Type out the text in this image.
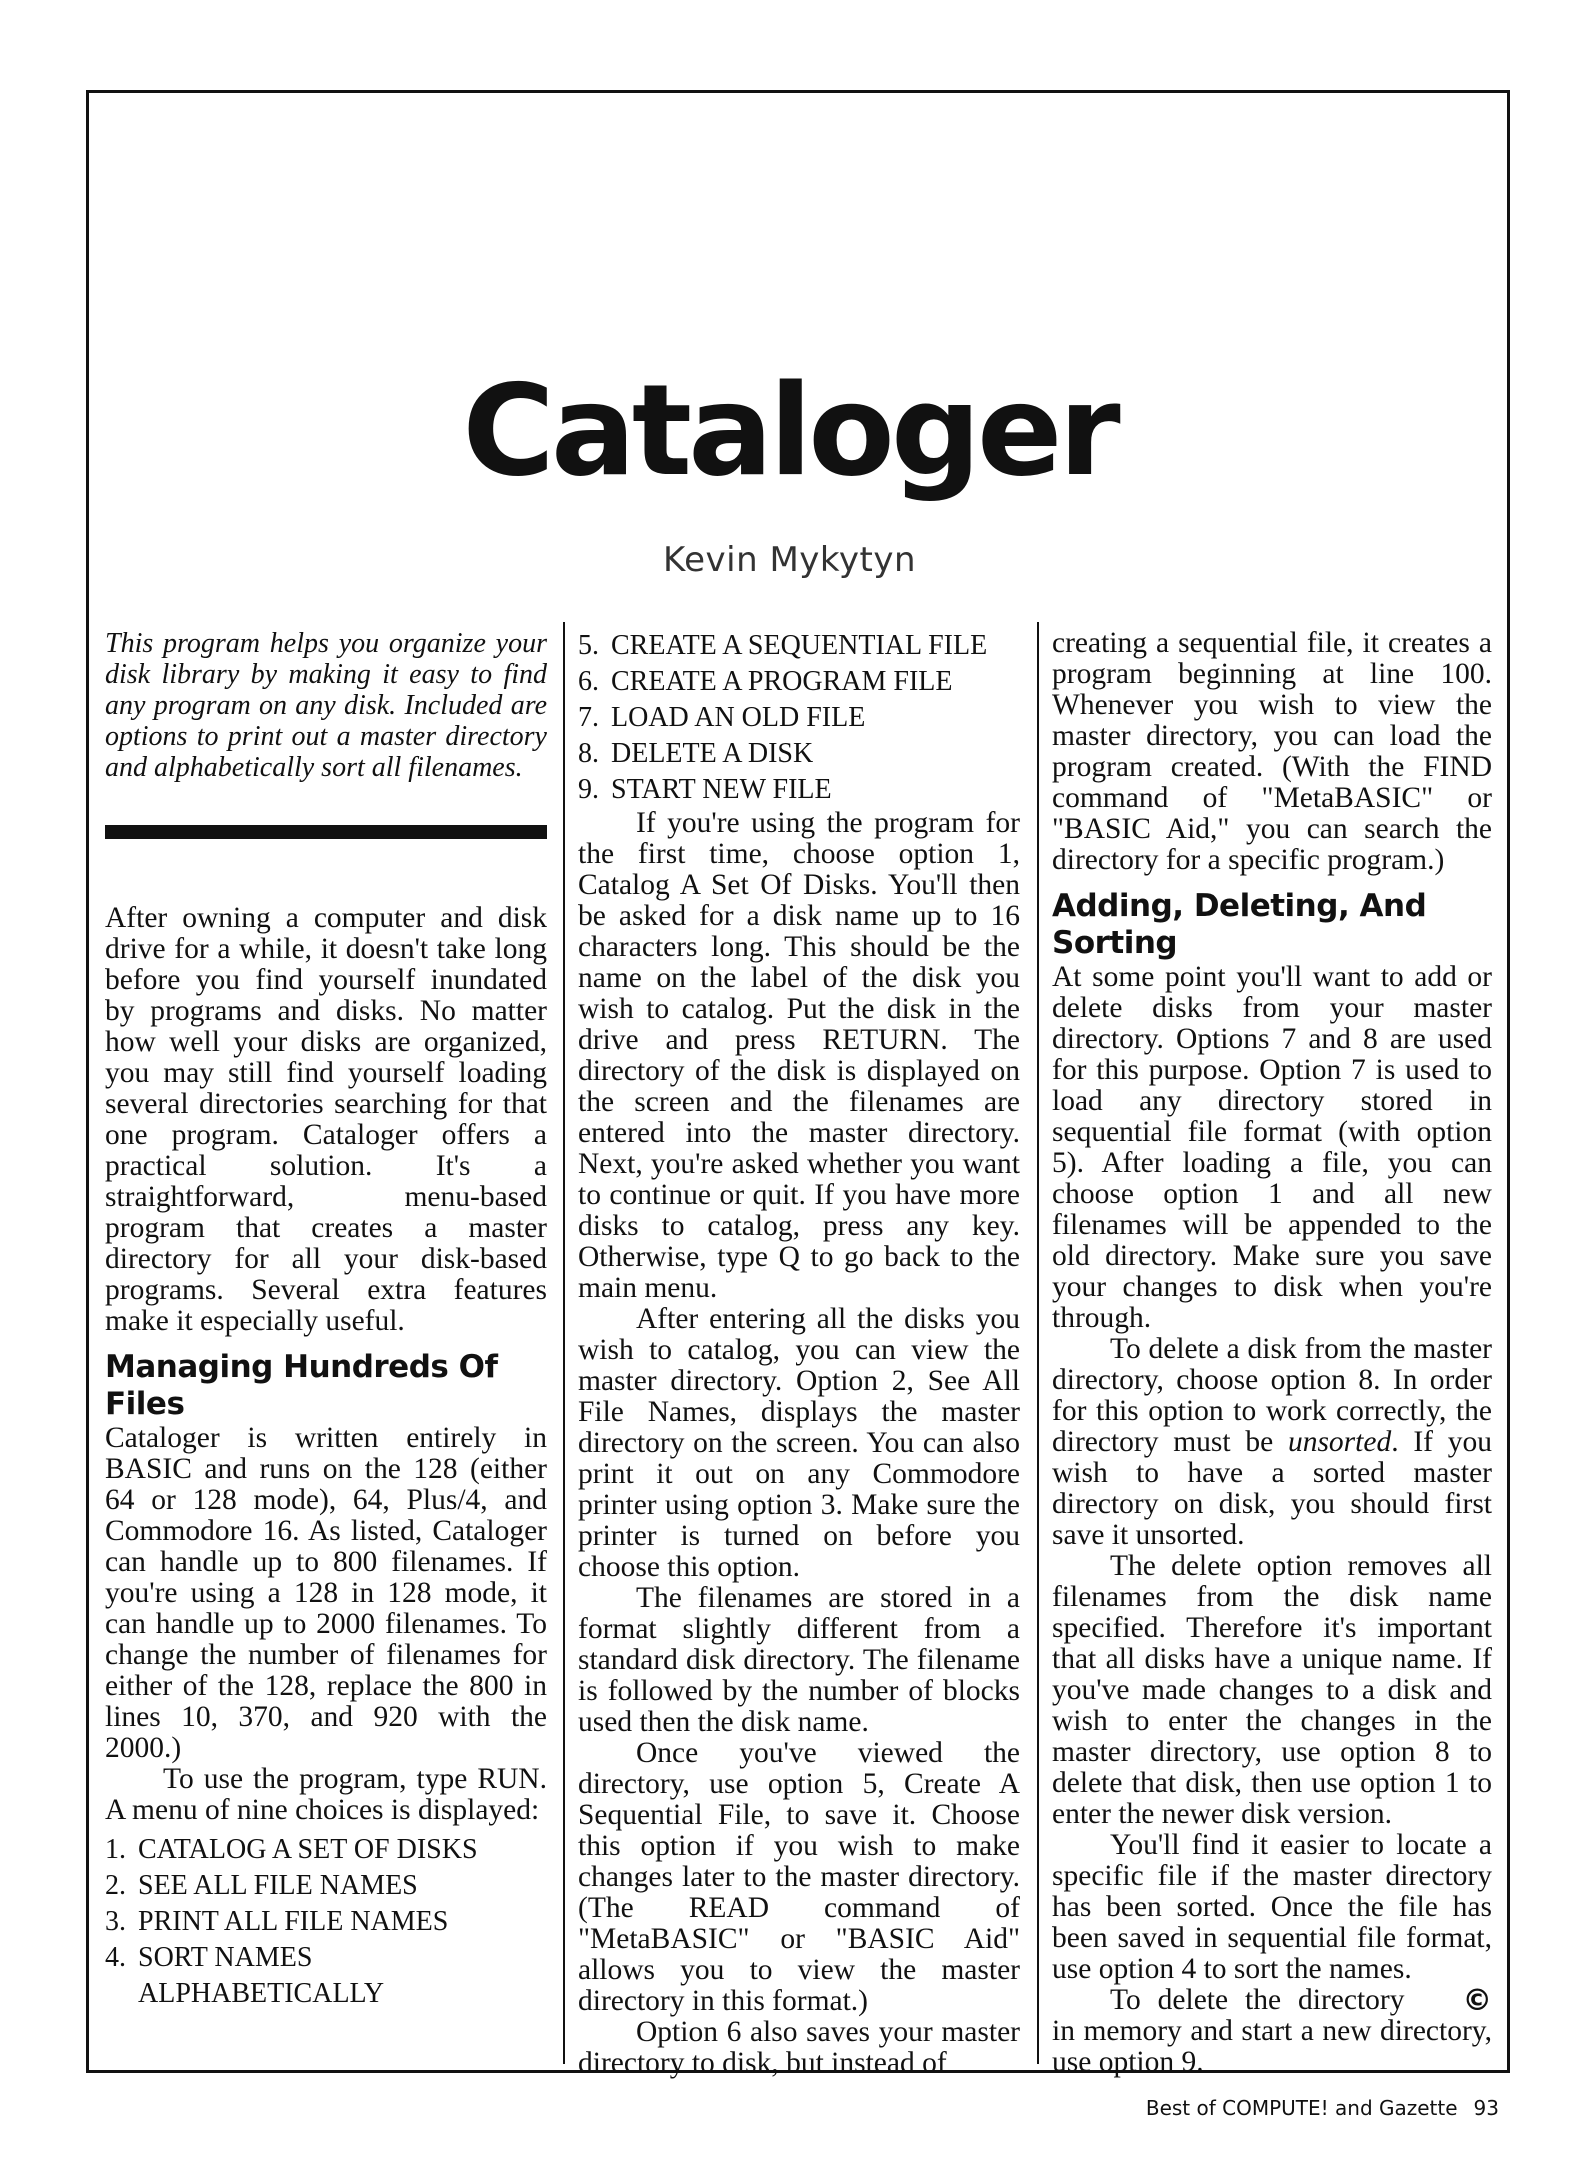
Cataloger
Kevin Mykytyn

This program helps you organize your disk library by making it easy to find any program on any disk. Included are options to print out a master directory and alphabetically sort all filenames.

After owning a computer and disk drive for a while, it doesn't take long before you find yourself inundated by programs and disks. No matter how well your disks are organized, you may still find yourself loading several directories searching for that one program. Cataloger offers a practical solution. It's a straightforward, menu-based program that creates a master directory for all your disk-based programs. Several extra features make it especially useful.

Managing Hundreds Of Files

Cataloger is written entirely in BASIC and runs on the 128 (either 64 or 128 mode), 64, Plus/4, and Commodore 16. As listed, Cataloger can handle up to 800 filenames. If you're using a 128 in 128 mode, it can handle up to 2000 filenames. To change the number of filenames for either of the 128, replace the 800 in lines 10, 370, and 920 with the 2000.)

To use the program, type RUN. A menu of nine choices is displayed:

1. CATALOG A SET OF DISKS
2. SEE ALL FILE NAMES
3. PRINT ALL FILE NAMES
4. SORT NAMES ALPHABETICALLY
5. CREATE A SEQUENTIAL FILE
6. CREATE A PROGRAM FILE
7. LOAD AN OLD FILE
8. DELETE A DISK
9. START NEW FILE

If you're using the program for the first time, choose option 1, Catalog A Set Of Disks. You'll then be asked for a disk name up to 16 characters long. This should be the name on the label of the disk you wish to catalog. Put the disk in the drive and press RETURN. The directory of the disk is displayed on the screen and the filenames are entered into the master directory. Next, you're asked whether you want to continue or quit. If you have more disks to catalog, press any key. Otherwise, type Q to go back to the main menu.

After entering all the disks you wish to catalog, you can view the master directory. Option 2, See All File Names, displays the master directory on the screen. You can also print it out on any Commodore printer using option 3. Make sure the printer is turned on before you choose this option.

The filenames are stored in a format slightly different from a standard disk directory. The filename is followed by the number of blocks used then the disk name.

Once you've viewed the directory, use option 5, Create A Sequential File, to save it. Choose this option if you wish to make changes later to the master directory. (The READ command of "MetaBASIC" or "BASIC Aid" allows you to view the master directory in this format.)

Option 6 also saves your master directory to disk, but instead of

creating a sequential file, it creates a program beginning at line 100. Whenever you wish to view the master directory, you can load the program created. (With the FIND command of "MetaBASIC" or "BASIC Aid," you can search the directory for a specific program.)

Adding, Deleting, And Sorting

At some point you'll want to add or delete disks from your master directory. Options 7 and 8 are used for this purpose. Option 7 is used to load any directory stored in sequential file format (with option 5). After loading a file, you can choose option 1 and all new filenames will be appended to the old directory. Make sure you save your changes to disk when you're through.

To delete a disk from the master directory, choose option 8. In order for this option to work correctly, the directory must be unsorted. If you wish to have a sorted master directory on disk, you should first save it unsorted.

The delete option removes all filenames from the disk name specified. Therefore it's important that all disks have a unique name. If you've made changes to a disk and wish to enter the changes in the master directory, use option 8 to delete that disk, then use option 1 to enter the newer disk version.

You'll find it easier to locate a specific file if the master directory has been sorted. Once the file has been saved in sequential file format, use option 4 to sort the names.

©
To delete the directory in memory and start a new directory, use option 9.

Best of COMPUTE! and Gazette 93
